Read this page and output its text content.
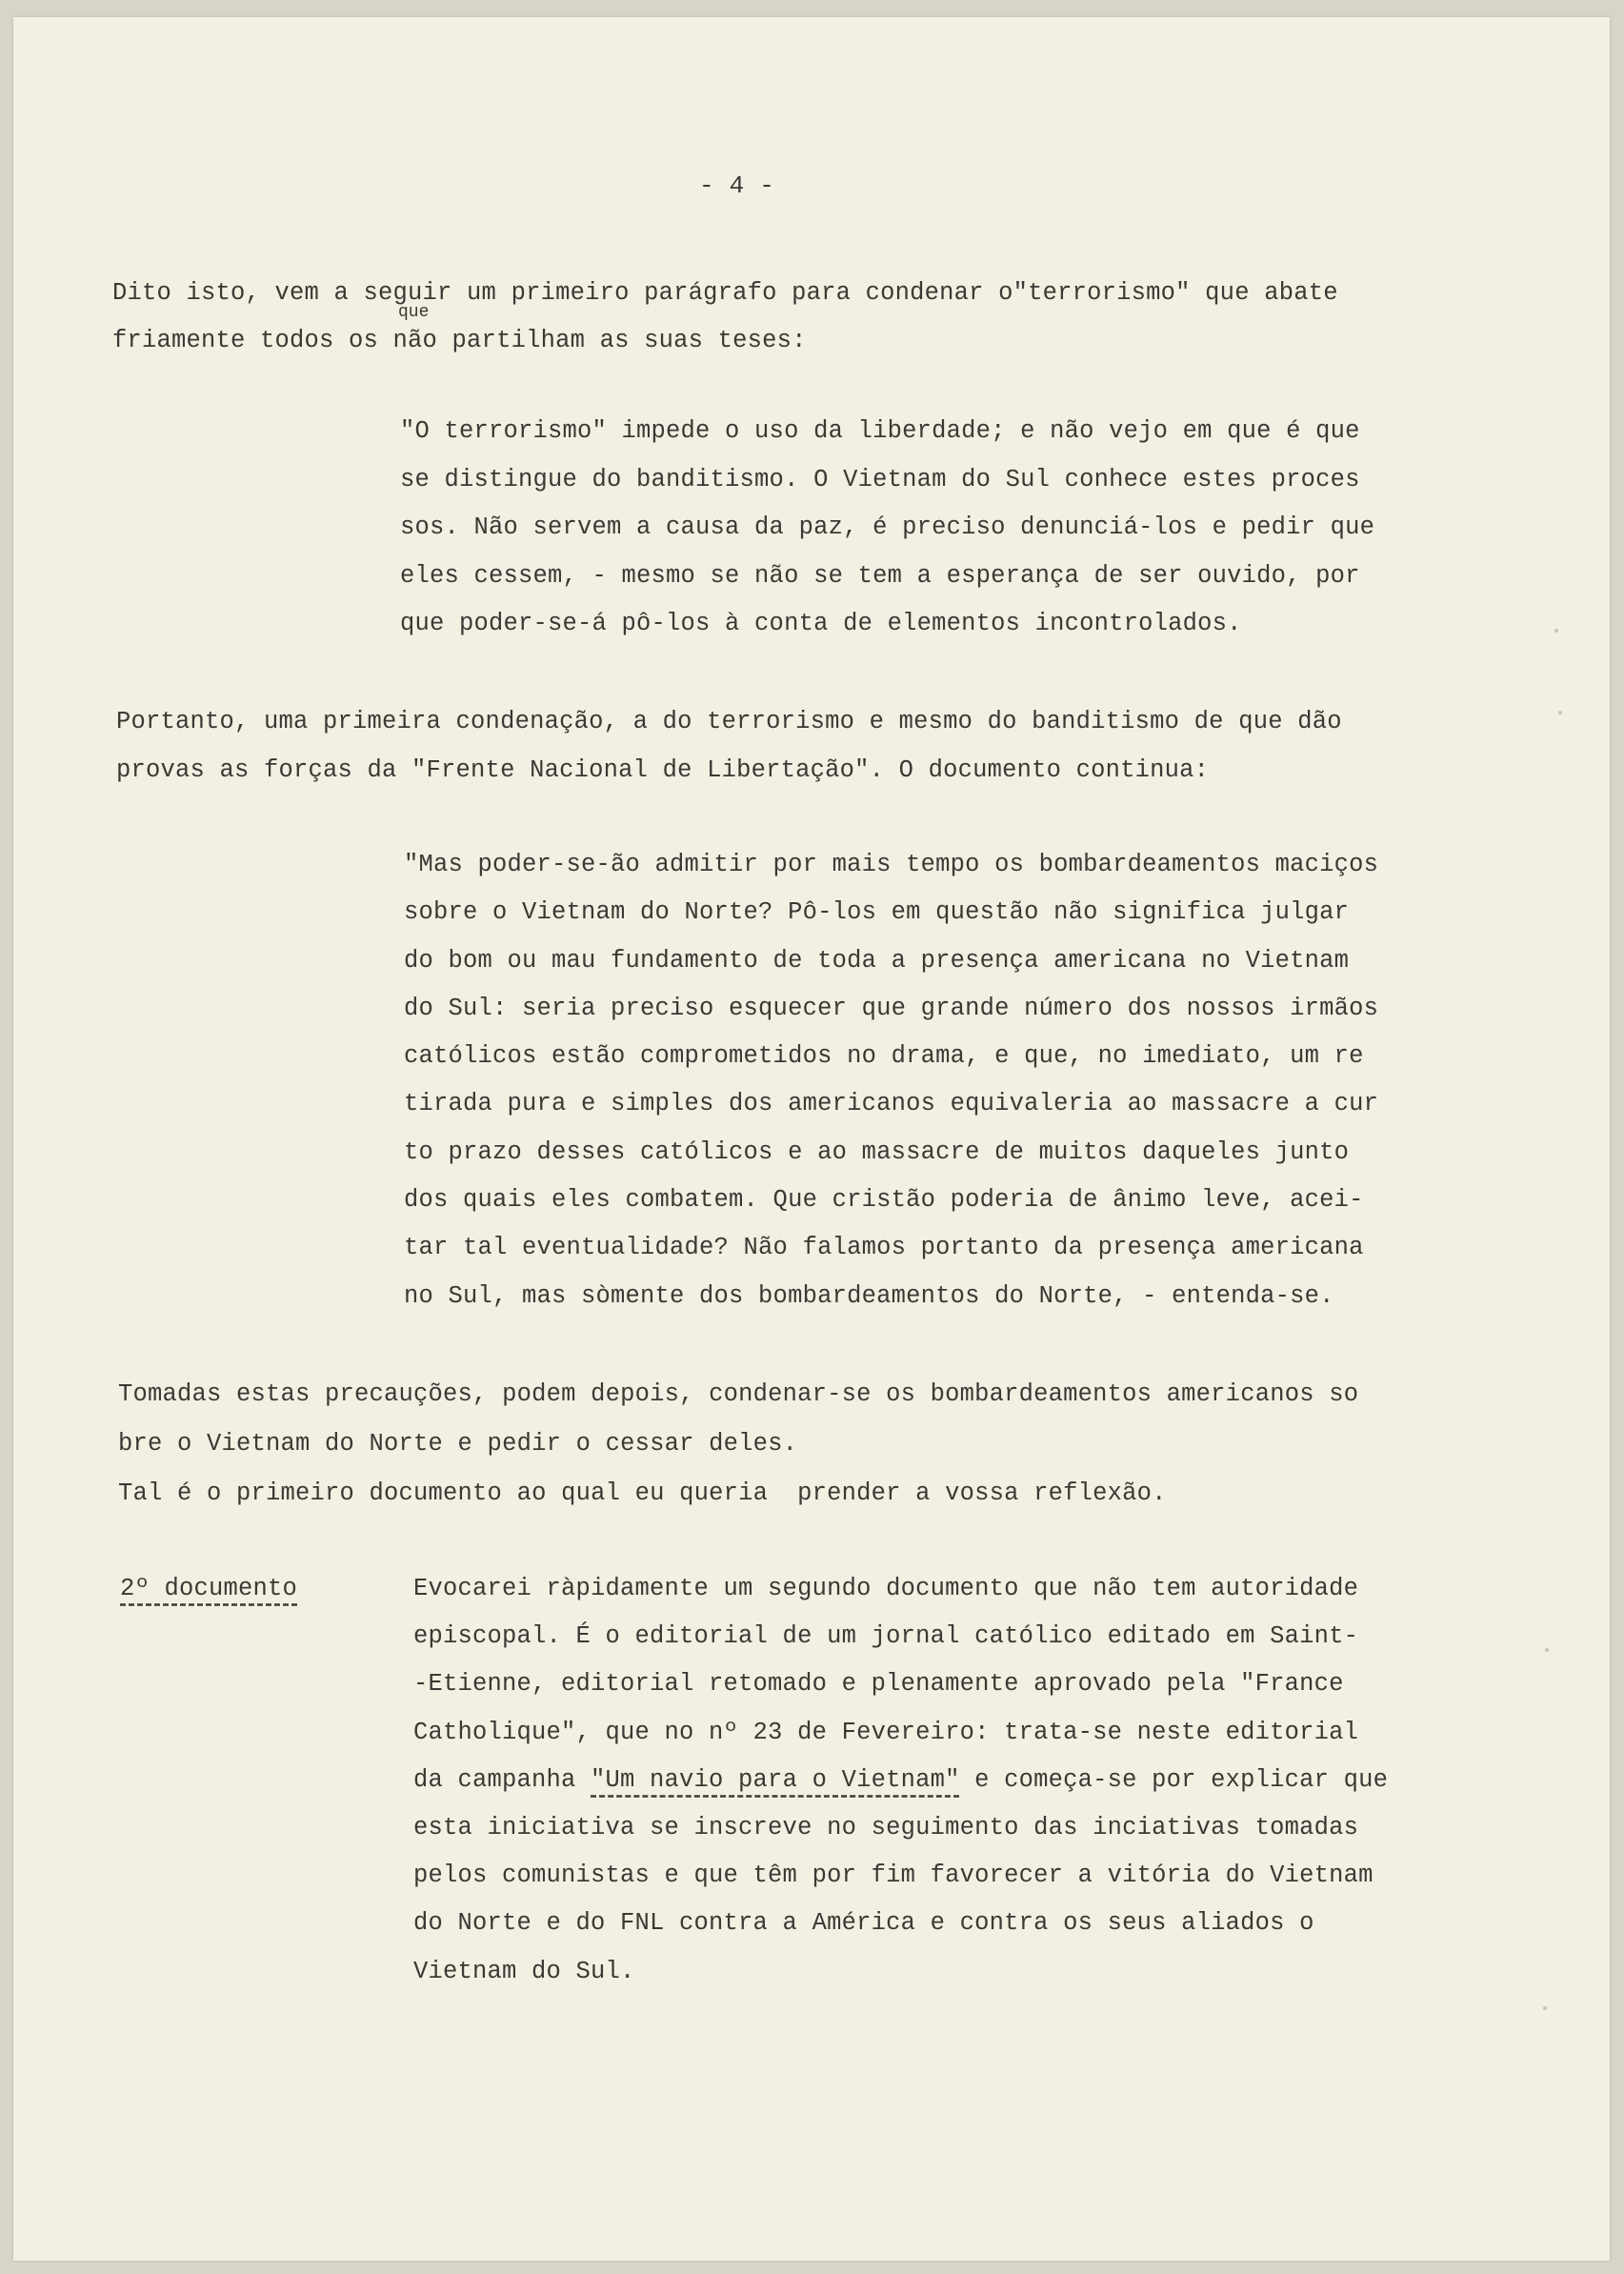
- 4 -
Dito isto, vem a seguir um primeiro parágrafo para condenar o"terrorismo" que abate
que
friamente todos os não partilham as suas teses:
"O terrorismo" impede o uso da liberdade; e não vejo em que é que
se distingue do banditismo. O Vietnam do Sul conhece estes proces
sos. Não servem a causa da paz, é preciso denunciá-los e pedir que
eles cessem, - mesmo se não se tem a esperança de ser ouvido, por
que poder-se-á pô-los à conta de elementos incontrolados.
Portanto, uma primeira condenação, a do terrorismo e mesmo do banditismo de que dão
provas as forças da "Frente Nacional de Libertação". O documento continua:
"Mas poder-se-ão admitir por mais tempo os bombardeamentos maciços
sobre o Vietnam do Norte? Pô-los em questão não significa julgar
do bom ou mau fundamento de toda a presença americana no Vietnam
do Sul: seria preciso esquecer que grande número dos nossos irmãos
católicos estão comprometidos no drama, e que, no imediato, um re
tirada pura e simples dos americanos equivaleria ao massacre a cur
to prazo desses católicos e ao massacre de muitos daqueles junto
dos quais eles combatem. Que cristão poderia de ânimo leve, acei-
tar tal eventualidade? Não falamos portanto da presença americana
no Sul, mas sòmente dos bombardeamentos do Norte, - entenda-se.
Tomadas estas precauções, podem depois, condenar-se os bombardeamentos americanos so
bre o Vietnam do Norte e pedir o cessar deles.
Tal é o primeiro documento ao qual eu queria  prender a vossa reflexão.
2º documento	Evocarei ràpidamente um segundo documento que não tem autoridade
episcopal. É o editorial de um jornal católico editado em Saint-
-Etienne, editorial retomado e plenamente aprovado pela "France
Catholique", que no nº 23 de Fevereiro: trata-se neste editorial
da campanha "Um navio para o Vietnam" e começa-se por explicar que
esta iniciativa se inscreve no seguimento das inciativas tomadas
pelos comunistas e que têm por fim favorecer a vitória do Vietnam
do Norte e do FNL contra a América e contra os seus aliados o
Vietnam do Sul.
